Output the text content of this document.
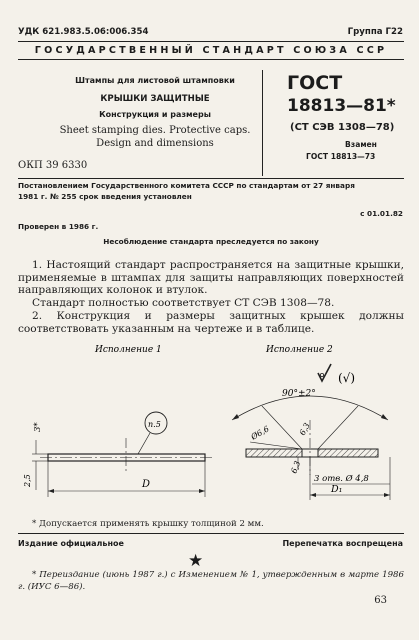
УДК 621.983.5.06:006.354	Группа Г22
ГОСУДАРСТВЕННЫЙ СТАНДАРТ СОЮЗА ССР
Штампы для листовой штамповки
КРЫШКИ ЗАЩИТНЫЕ
Конструкция и размеры
Sheet stamping dies. Protective caps.
Design and dimensions
ОКП 39 6330
ГОСТ
18813—81*
(СТ СЭВ 1308—78)
Взамен
ГОСТ 18813—73
Постановлением Государственного комитета СССР по стандартам от 27 января
1981 г. № 255 срок введения установлен
с 01.01.82
Проверен в 1986 г.
Несоблюдение стандарта преследуется по закону
1. Настоящий стандарт распространяется на защитные крышки, применяемые в штампах для защиты направляющих поверхностей направляющих колонок и втулок.
Стандарт полностью соответствует СТ СЭВ 1308—78.
2. Конструкция и размеры защитных крышек должны соответствовать указанным на чертеже и в таблице.
Исполнение 1	Исполнение 2
(√)
п.5
3*
2,5	D
90°±2°
Ø6,6	6,3
6,3
3 отв. Ø 4,8
D₁
* Допускается применять крышку толщиной 2 мм.
Издание официальное	Перепечатка воспрещена
★
* Переиздание (июнь 1987 г.) с Изменением № 1, утвержденным в марте 1986 г. (ИУС 6—86).
63
